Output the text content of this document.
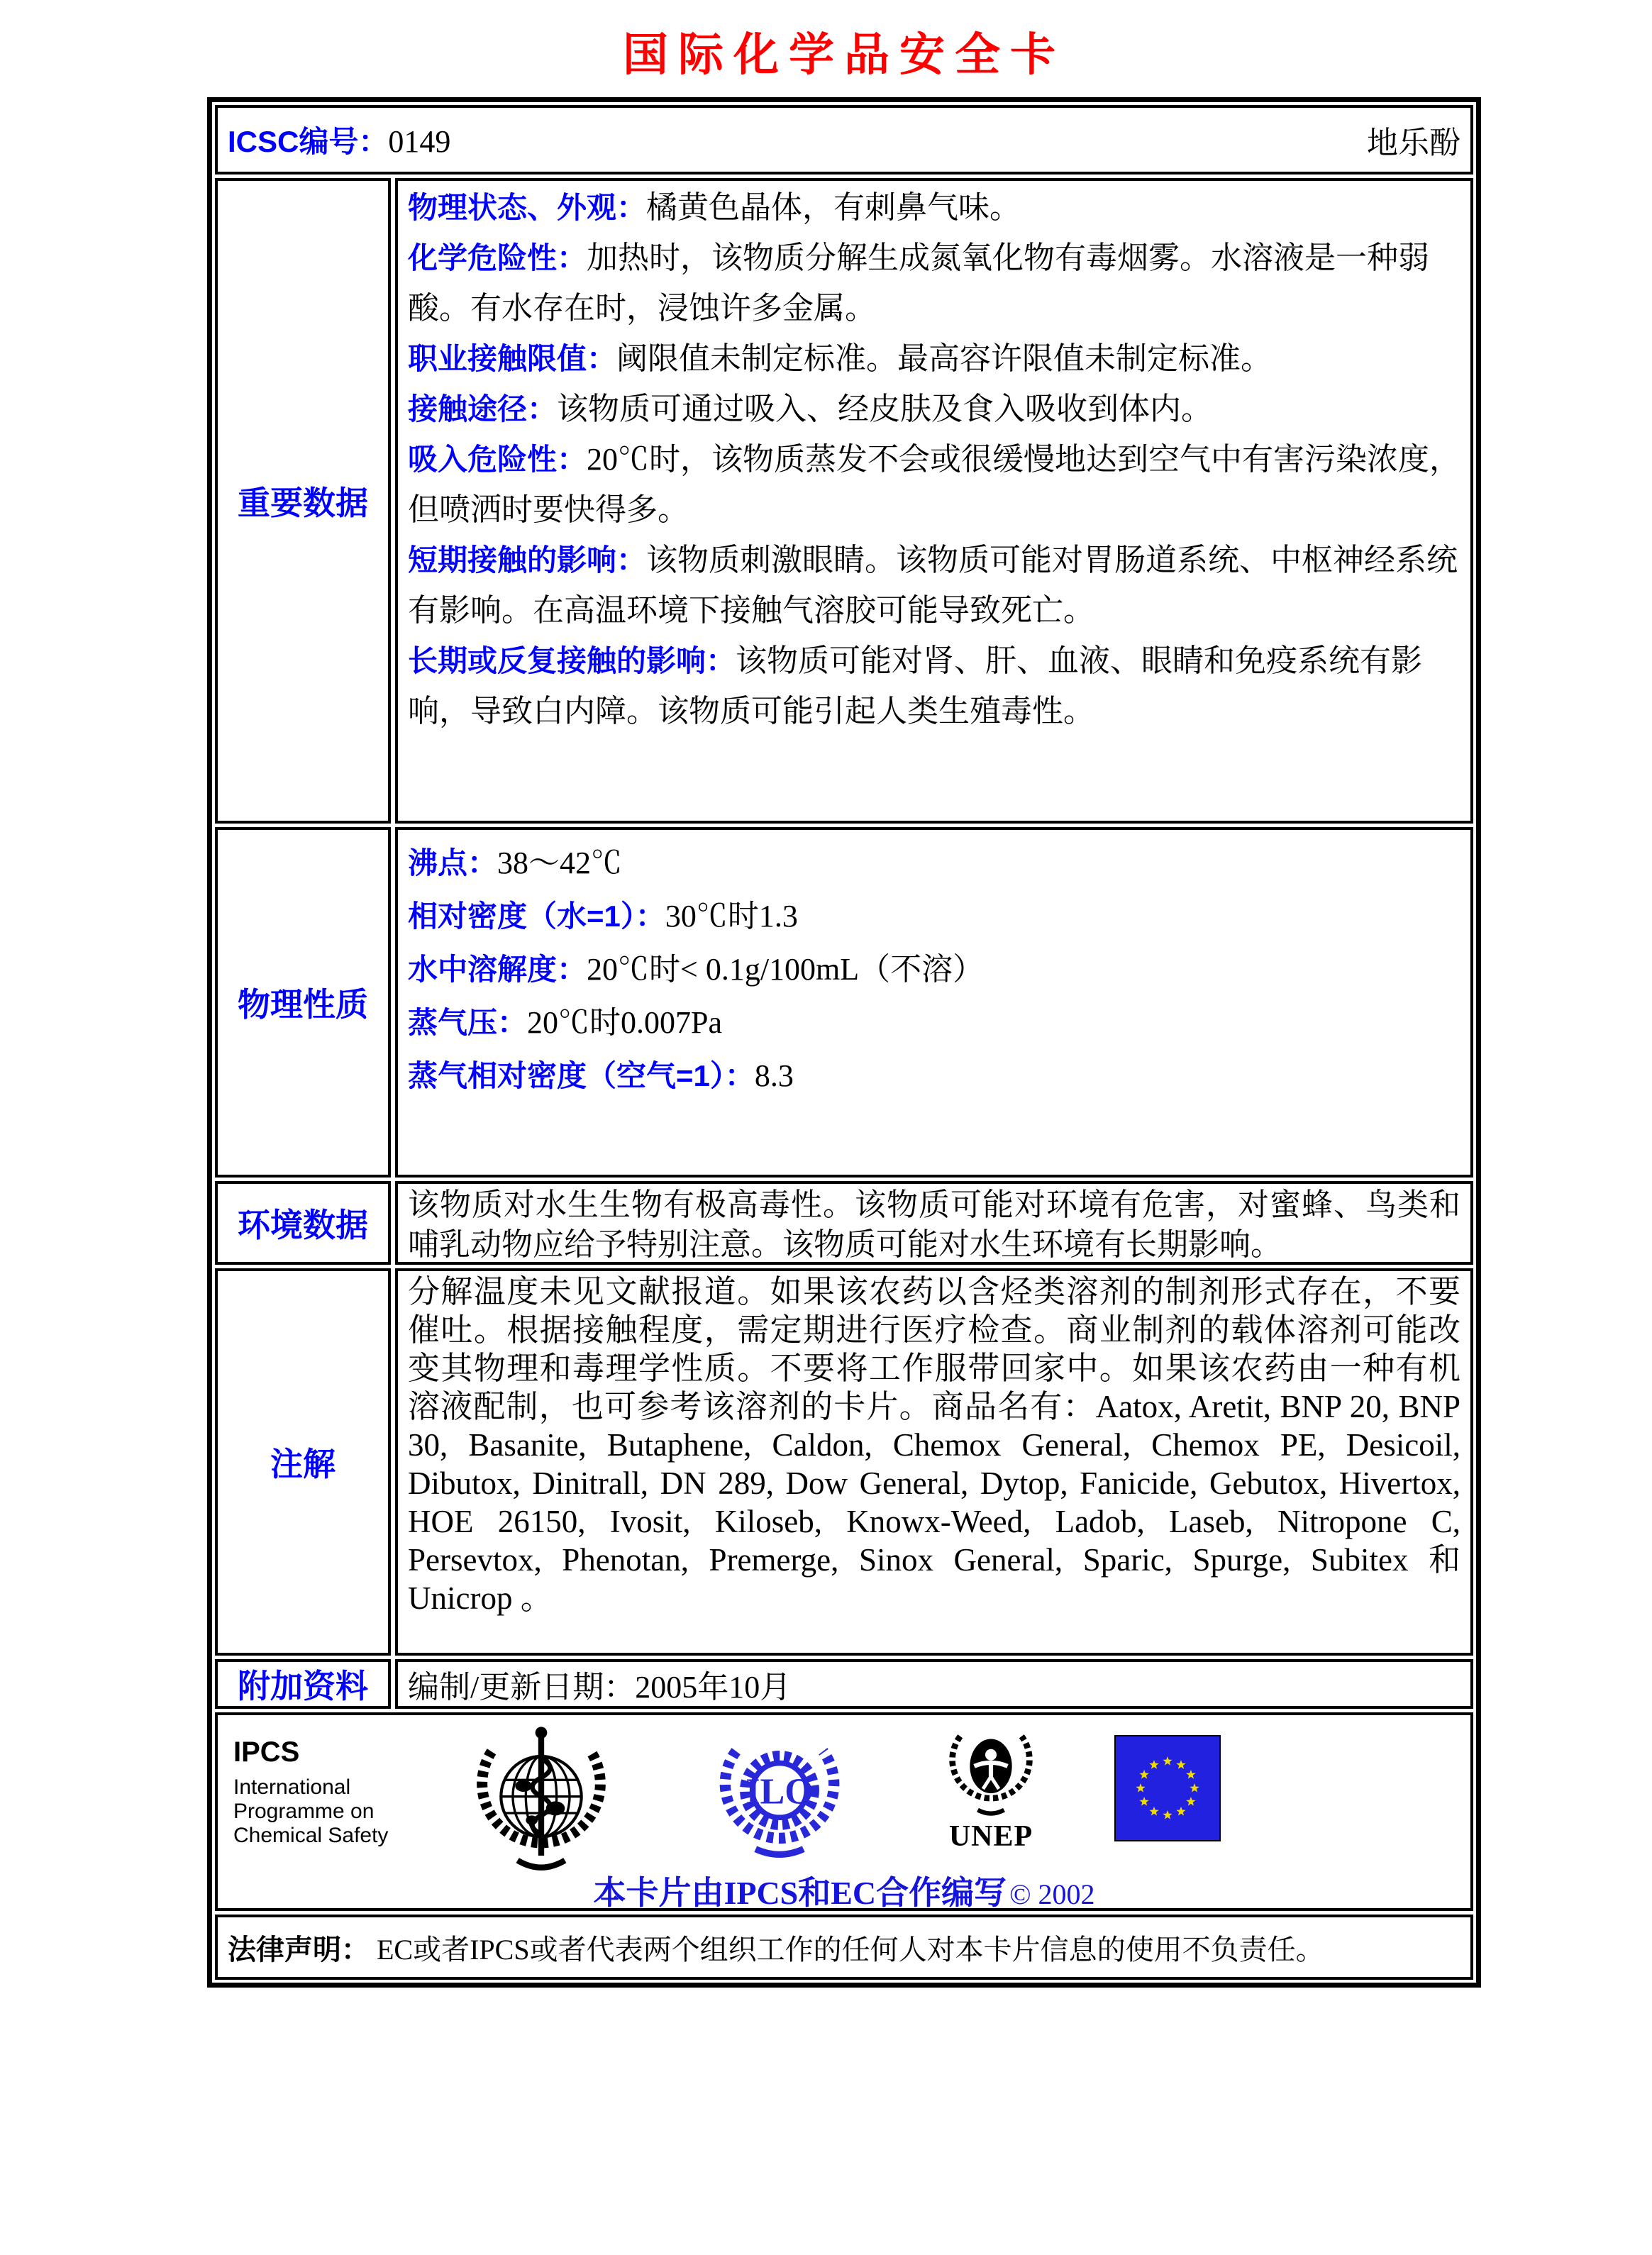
国际化学品安全卡
ICSC编号：0149	地乐酚
重要数据

物理状态、外观：橘黄色晶体，有刺鼻气味。

化学危险性：加热时，该物质分解生成氮氧化物有毒烟雾。水溶液是一种弱酸。有水存在时，浸蚀许多金属。

职业接触限值：阈限值未制定标准。最高容许限值未制定标准。

接触途径：该物质可通过吸入、经皮肤及食入吸收到体内。

吸入危险性：20℃时，该物质蒸发不会或很缓慢地达到空气中有害污染浓度，但喷洒时要快得多。

短期接触的影响：该物质刺激眼睛。该物质可能对胃肠道系统、中枢神经系统有影响。在高温环境下接触气溶胶可能导致死亡。

长期或反复接触的影响：该物质可能对肾、肝、血液、眼睛和免疫系统有影响，导致白内障。该物质可能引起人类生殖毒性。

物理性质

沸点：38～42℃

相对密度（水=1）：30℃时1.3

水中溶解度：20℃时< 0.1g/100mL（不溶）

蒸气压：20℃时0.007Pa

蒸气相对密度（空气=1）：8.3

环境数据
该物质对水生生物有极高毒性。该物质可能对环境有危害，对蜜蜂、鸟类和哺乳动物应给予特别注意。该物质可能对水生环境有长期影响。
注解
分解温度未见文献报道。如果该农药以含烃类溶剂的制剂形式存在，不要催吐。根据接触程度，需定期进行医疗检查。商业制剂的载体溶剂可能改变其物理和毒理学性质。不要将工作服带回家中。如果该农药由一种有机溶液配制，也可参考该溶剂的卡片。商品名有：Aatox, Aretit, BNP 20, BNP 30, Basanite, Butaphene, Caldon, Chemox General, Chemox PE, Desicoil, Dibutox, Dinitrall, DN 289, Dow General, Dytop, Fanicide, Gebutox, Hivertox, HOE 26150, Ivosit, Kiloseb, Knowx-Weed, Ladob, Laseb, Nitropone C, Persevtox, Phenotan, Premerge, Sinox General, Sparic, Spurge, Subitex 和 Unicrop 。
附加资料	编制/更新日期：2005年10月
IPCS
International
Programme on
Chemical Safety
ILO
UNEP
本卡片由IPCS和EC合作编写 © 2002
法律声明： EC或者IPCS或者代表两个组织工作的任何人对本卡片信息的使用不负责任。
